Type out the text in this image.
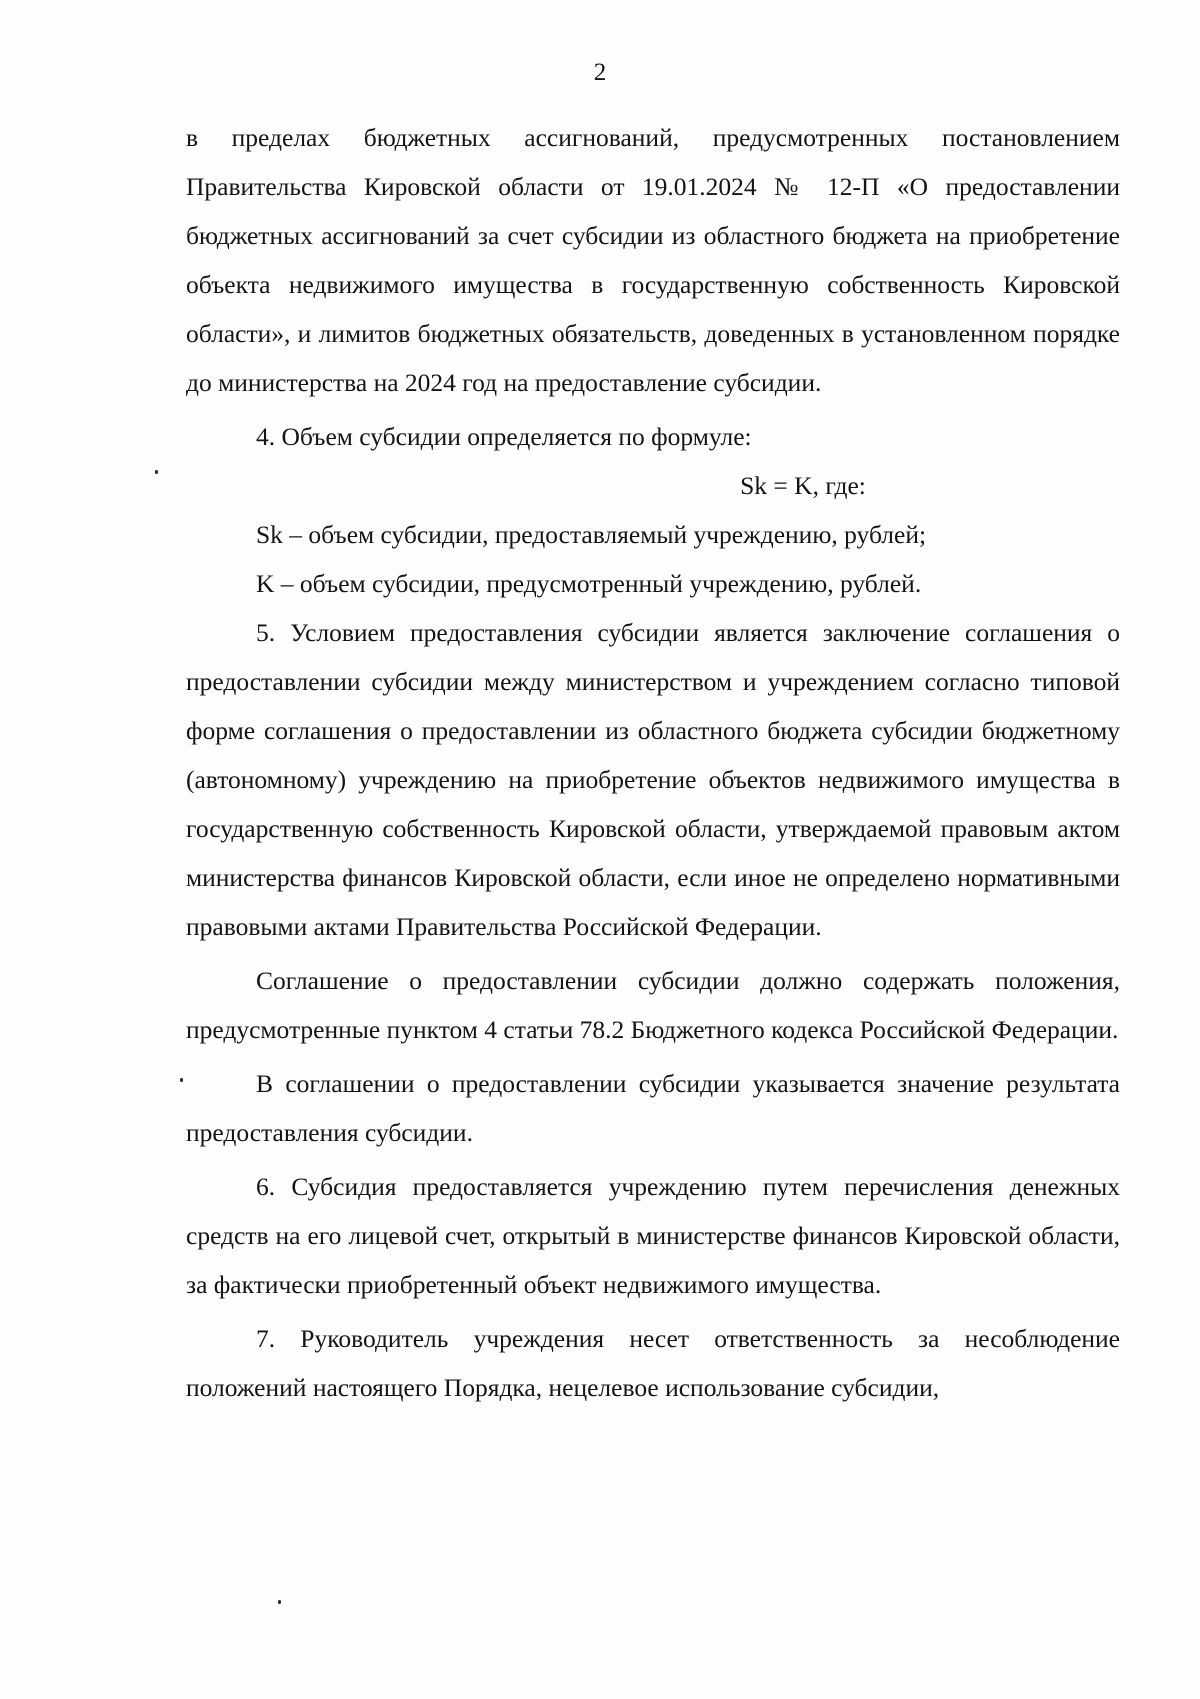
2

в пределах бюджетных ассигнований, предусмотренных постановлением Правительства Кировской области от 19.01.2024 № 12-П «О предоставлении бюджетных ассигнований за счет субсидии из областного бюджета на приобретение объекта недвижимого имущества в государственную собственность Кировской области», и лимитов бюджетных обязательств, доведенных в установленном порядке до министерства на 2024 год на предоставление субсидии.

4. Объем субсидии определяется по формуле:

Sk = K, где:

Sk – объем субсидии, предоставляемый учреждению, рублей;

K – объем субсидии, предусмотренный учреждению, рублей.

5. Условием предоставления субсидии является заключение соглашения о предоставлении субсидии между министерством и учреждением согласно типовой форме соглашения о предоставлении из областного бюджета субсидии бюджетному (автономному) учреждению на приобретение объектов недвижимого имущества в государственную собственность Кировской области, утверждаемой правовым актом министерства финансов Кировской области, если иное не определено нормативными правовыми актами Правительства Российской Федерации.

Соглашение о предоставлении субсидии должно содержать положения, предусмотренные пунктом 4 статьи 78.2 Бюджетного кодекса Российской Федерации.

В соглашении о предоставлении субсидии указывается значение результата предоставления субсидии.

6. Субсидия предоставляется учреждению путем перечисления денежных средств на его лицевой счет, открытый в министерстве финансов Кировской области, за фактически приобретенный объект недвижимого имущества.

7. Руководитель учреждения несет ответственность за несоблюдение положений настоящего Порядка, нецелевое использование субсидии,
